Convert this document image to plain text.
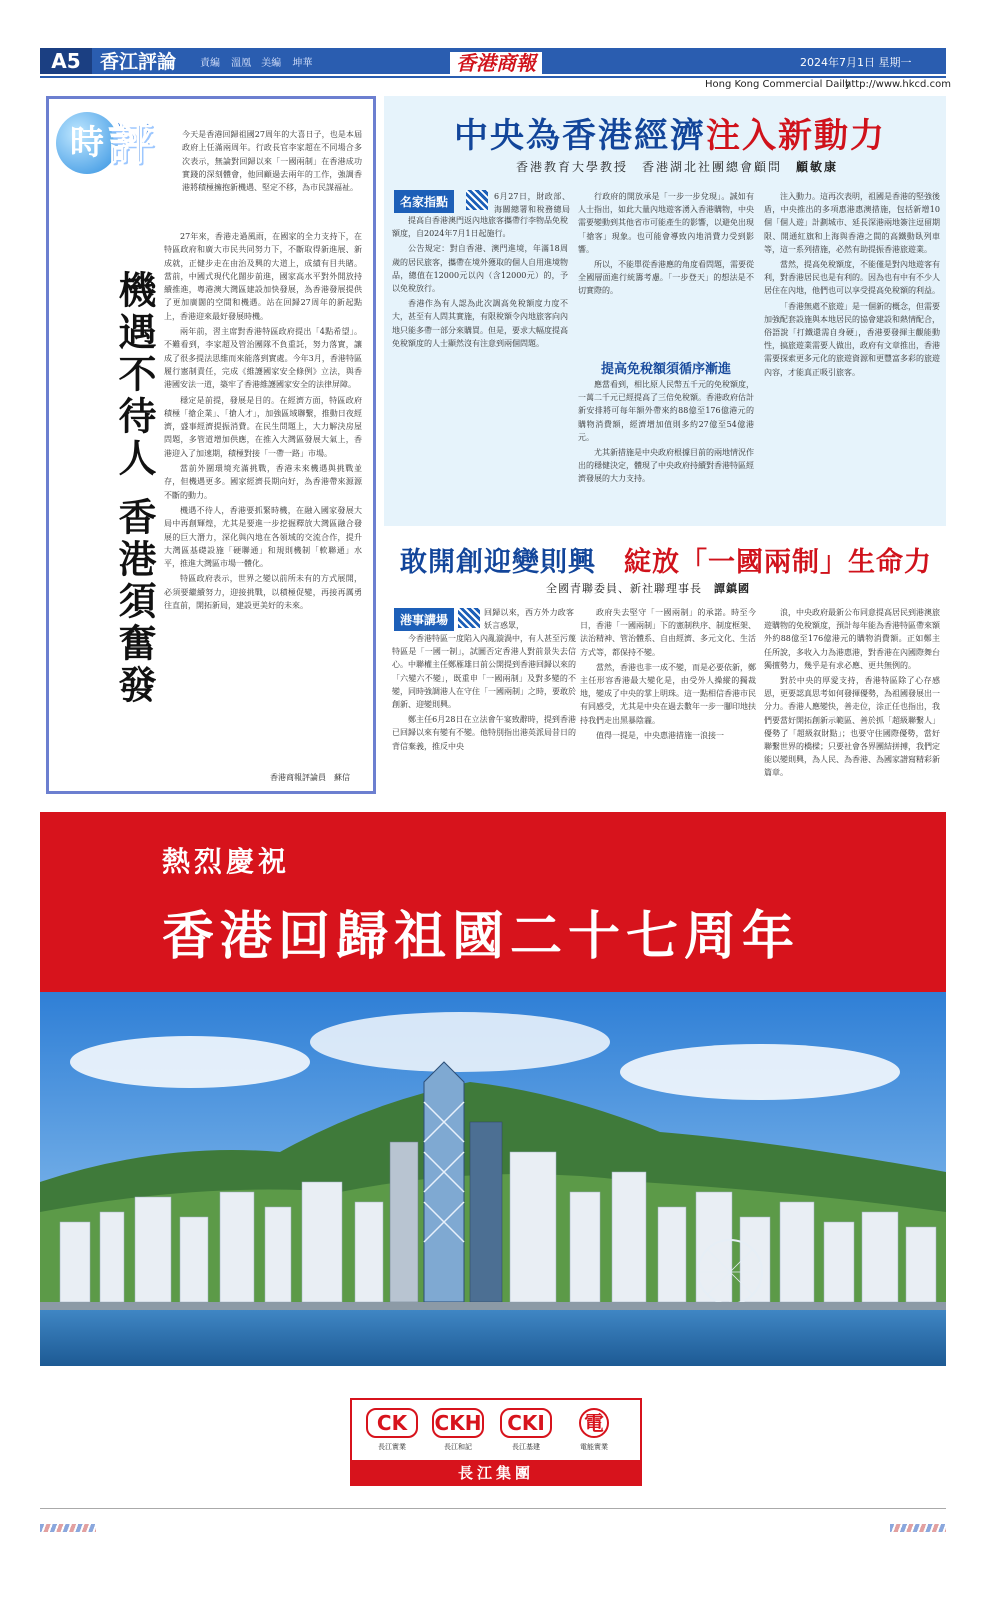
A5	香江評論 責編 溫凰　美編 坤華	香港商報	2024年7月1日 星期一
Hong Kong Commercial Daily
http://www.hkcd.com
時 評	今天是香港回歸祖國27周年的大喜日子，也是本屆政府上任滿兩周年。行政長官李家超在不同場合多次表示，無論對回歸以來「一國兩制」在香港成功實踐的深刻體會，他回顧過去兩年的工作，強調香港將積極擁抱新機遇、堅定不移，為市民謀福祉。
機遇不待人 香港須奮發

27年來，香港走過風雨，在國家的全力支持下，在特區政府和廣大市民共同努力下，不斷取得新進展、新成就，正健步走在由治及興的大道上，成績有目共睹。當前，中國式現代化闊步前進，國家高水平對外開放持續推進，粵港澳大灣區建設加快發展，為香港發展提供了更加廣闊的空間和機遇。站在回歸27周年的新起點上，香港迎來最好發展時機。

兩年前，習主席對香港特區政府提出「4點希望」。不難看到，李家超及管治團隊不負重託，努力落實，讓成了很多提法思維而來能落到實處。今年3月，香港特區履行憲制責任，完成《維護國家安全條例》立法，與香港國安法一道，築牢了香港維護國家安全的法律屏障。

穩定是前提，發展是目的。在經濟方面，特區政府積極「搶企業」、「搶人才」，加強區域聯繫，推動日夜經濟，盛事經濟提振消費。在民生問題上，大力解決房屋問題，多管道增加供應，在推入大灣區發展大氣上，香港迎入了加速期，積極對接「一帶一路」市場。

當前外圍環境充滿挑戰，香港未來機遇與挑戰並存，但機遇更多。國家經濟長期向好，為香港帶來源源不斷的動力。

機遇不待人，香港要抓緊時機，在融入國家發展大局中再創輝煌，尤其是要進一步挖掘釋放大灣區融合發展的巨大潛力，深化與內地在各領域的交流合作，提升大灣區基礎設施「硬聯通」和規則機制「軟聯通」水平，推進大灣區市場一體化。

特區政府表示，世界之變以前所未有的方式展開，必須要繼續努力，迎接挑戰，以積極促變，再接再厲勇往直前，開拓新局，建設更美好的未來。

香港商報評論員　蘇信
中央為香港經濟注入新動力
香港教育大學教授　香港湖北社團總會顧問　 顧敏康
名家指點	6月27日，財政部、海關總署和稅務總局

提高自香港澳門返內地旅客攜帶行李物品免稅額度，自2024年7月1日起施行。

公告規定：對自香港、澳門進境，年滿18周歲的居民旅客，攜帶在境外獲取的個人自用進境物品，總值在12000元以內（含12000元）的，予以免稅放行。

香港作為有人認為此次調高免稅額度力度不大，甚至有人問其實施，有限稅額令內地旅客向內地只能多帶一部分來購買。但是，要求大幅度提高免稅額度的人士顯然沒有注意到兩個問題。

行政府的開放承是「一步一步兌現」。誠如有人士指出，如此大量內地遊客湧入香港購物，中央需要變動到其他省市可能產生的影響，以避免出現「搶客」現象。也可能會導致內地消費力受到影響。

所以，不能單從香港應的角度看問題，需要從全國層面進行統籌考慮。「一步登天」的想法是不切實際的。

提高免稅額須循序漸進

應當看到，相比原人民幣五千元的免稅額度，一萬二千元已經提高了三倍免稅額。香港政府估計新安排將可每年額外帶來約88億至176億港元的購物消費額，經濟增加值則多約27億至54億港元。

尤其新措施是中央政府根據目前的兩地情況作出的穩健決定，體現了中央政府持續對香港特區經濟發展的大力支持。

注入動力。這再次表明，祖國是香港的堅強後盾，中央推出的多項惠港惠澳措施，包括新增10個「個人遊」計劃城市、延長深港兩地簽注逗留期限、開通紅旗和上海與香港之間的高鐵動臥列車等，這一系列措施，必然有助提振香港旅遊業。

當然，提高免稅額度，不能僅是對內地遊客有利，對香港居民也是有利的。因為也有中有不少人居住在內地，他們也可以享受提高免稅額的利益。

「香港無處不旅遊」是一個新的概念，但需要加強配套設施與本地居民的協會建設和熱情配合，俗語說「打鐵還需自身硬」，香港要發揮主觀能動性，搞旅遊業需要人做出，政府有文章推出，香港需要探索更多元化的旅遊資源和更豐富多彩的旅遊內容，才能真正吸引旅客。

敢開創迎變則興　 綻放「一國兩制」生命力
全國青聯委員、新社聯理事長　 譚鎮國
港事講場
回歸以來，西方外力政客妖言惑眾，

今香港特區一度陷入內亂漩渦中，有人甚至污蔑特區是「一國一制」，試圖否定香港人對前景失去信心。中聯權主任鄭雁雄日前公開提到香港回歸以來的「六變六不變」，既重申「一國兩制」及對多變的不變，同時強調港人在守住「一國兩制」之時，要敢於創新、迎變則興。

鄭主任6月28日在立法會午宴致辭時，提到香港已回歸以來有變有不變。他特別指出港英派局昔日的背信棄義，推反中央

政府失去堅守「一國兩制」的承諾。時至今日，香港「一國兩制」下的憲制秩序、制度框架、法治精神、管治體系、自由經濟、多元文化、生活方式等，都保持不變。

當然，香港也非一成不變，而是必要依新，鄭主任形容香港最大變化是，由受外人操縱的獨裁地，變成了中央的掌上明珠。這一點相信香港市民有同感受，尤其是中央在過去數年一步一腳印地扶持我們走出黑暴陰霾。

值得一提是，中央惠港措施一浪接一

浪，中央政府最新公布同意提高居民到港澳旅遊購物的免稅額度，預計每年能為香港特區帶來額外約88億至176億港元的購物消費額。正如鄭主任所說，多收入力為港惠港，對香港在內國際舞台獨擅勢力，幾乎是有求必應、更共無例的。

對於中央的厚愛支持，香港特區除了心存感恩，更要認真思考如何發揮優勢，為祖國發展出一分力。香港人應變快，善走位，涂正任也指出，我們要當好開拓創新示範區、善於抓「超級聯繫人」優勢了「超級叙財點」；也要守住國際優勢，當好聯繫世界的橋樑；只要社會各界團結拼搏，我們定能以變則興，為人民、為香港、為國家譜寫精彩新篇章。

熱烈慶祝
香港回歸祖國二十七周年
CK
長江實業
CKH
長江和記
CKI
長江基建
電
電能實業
長江集團
